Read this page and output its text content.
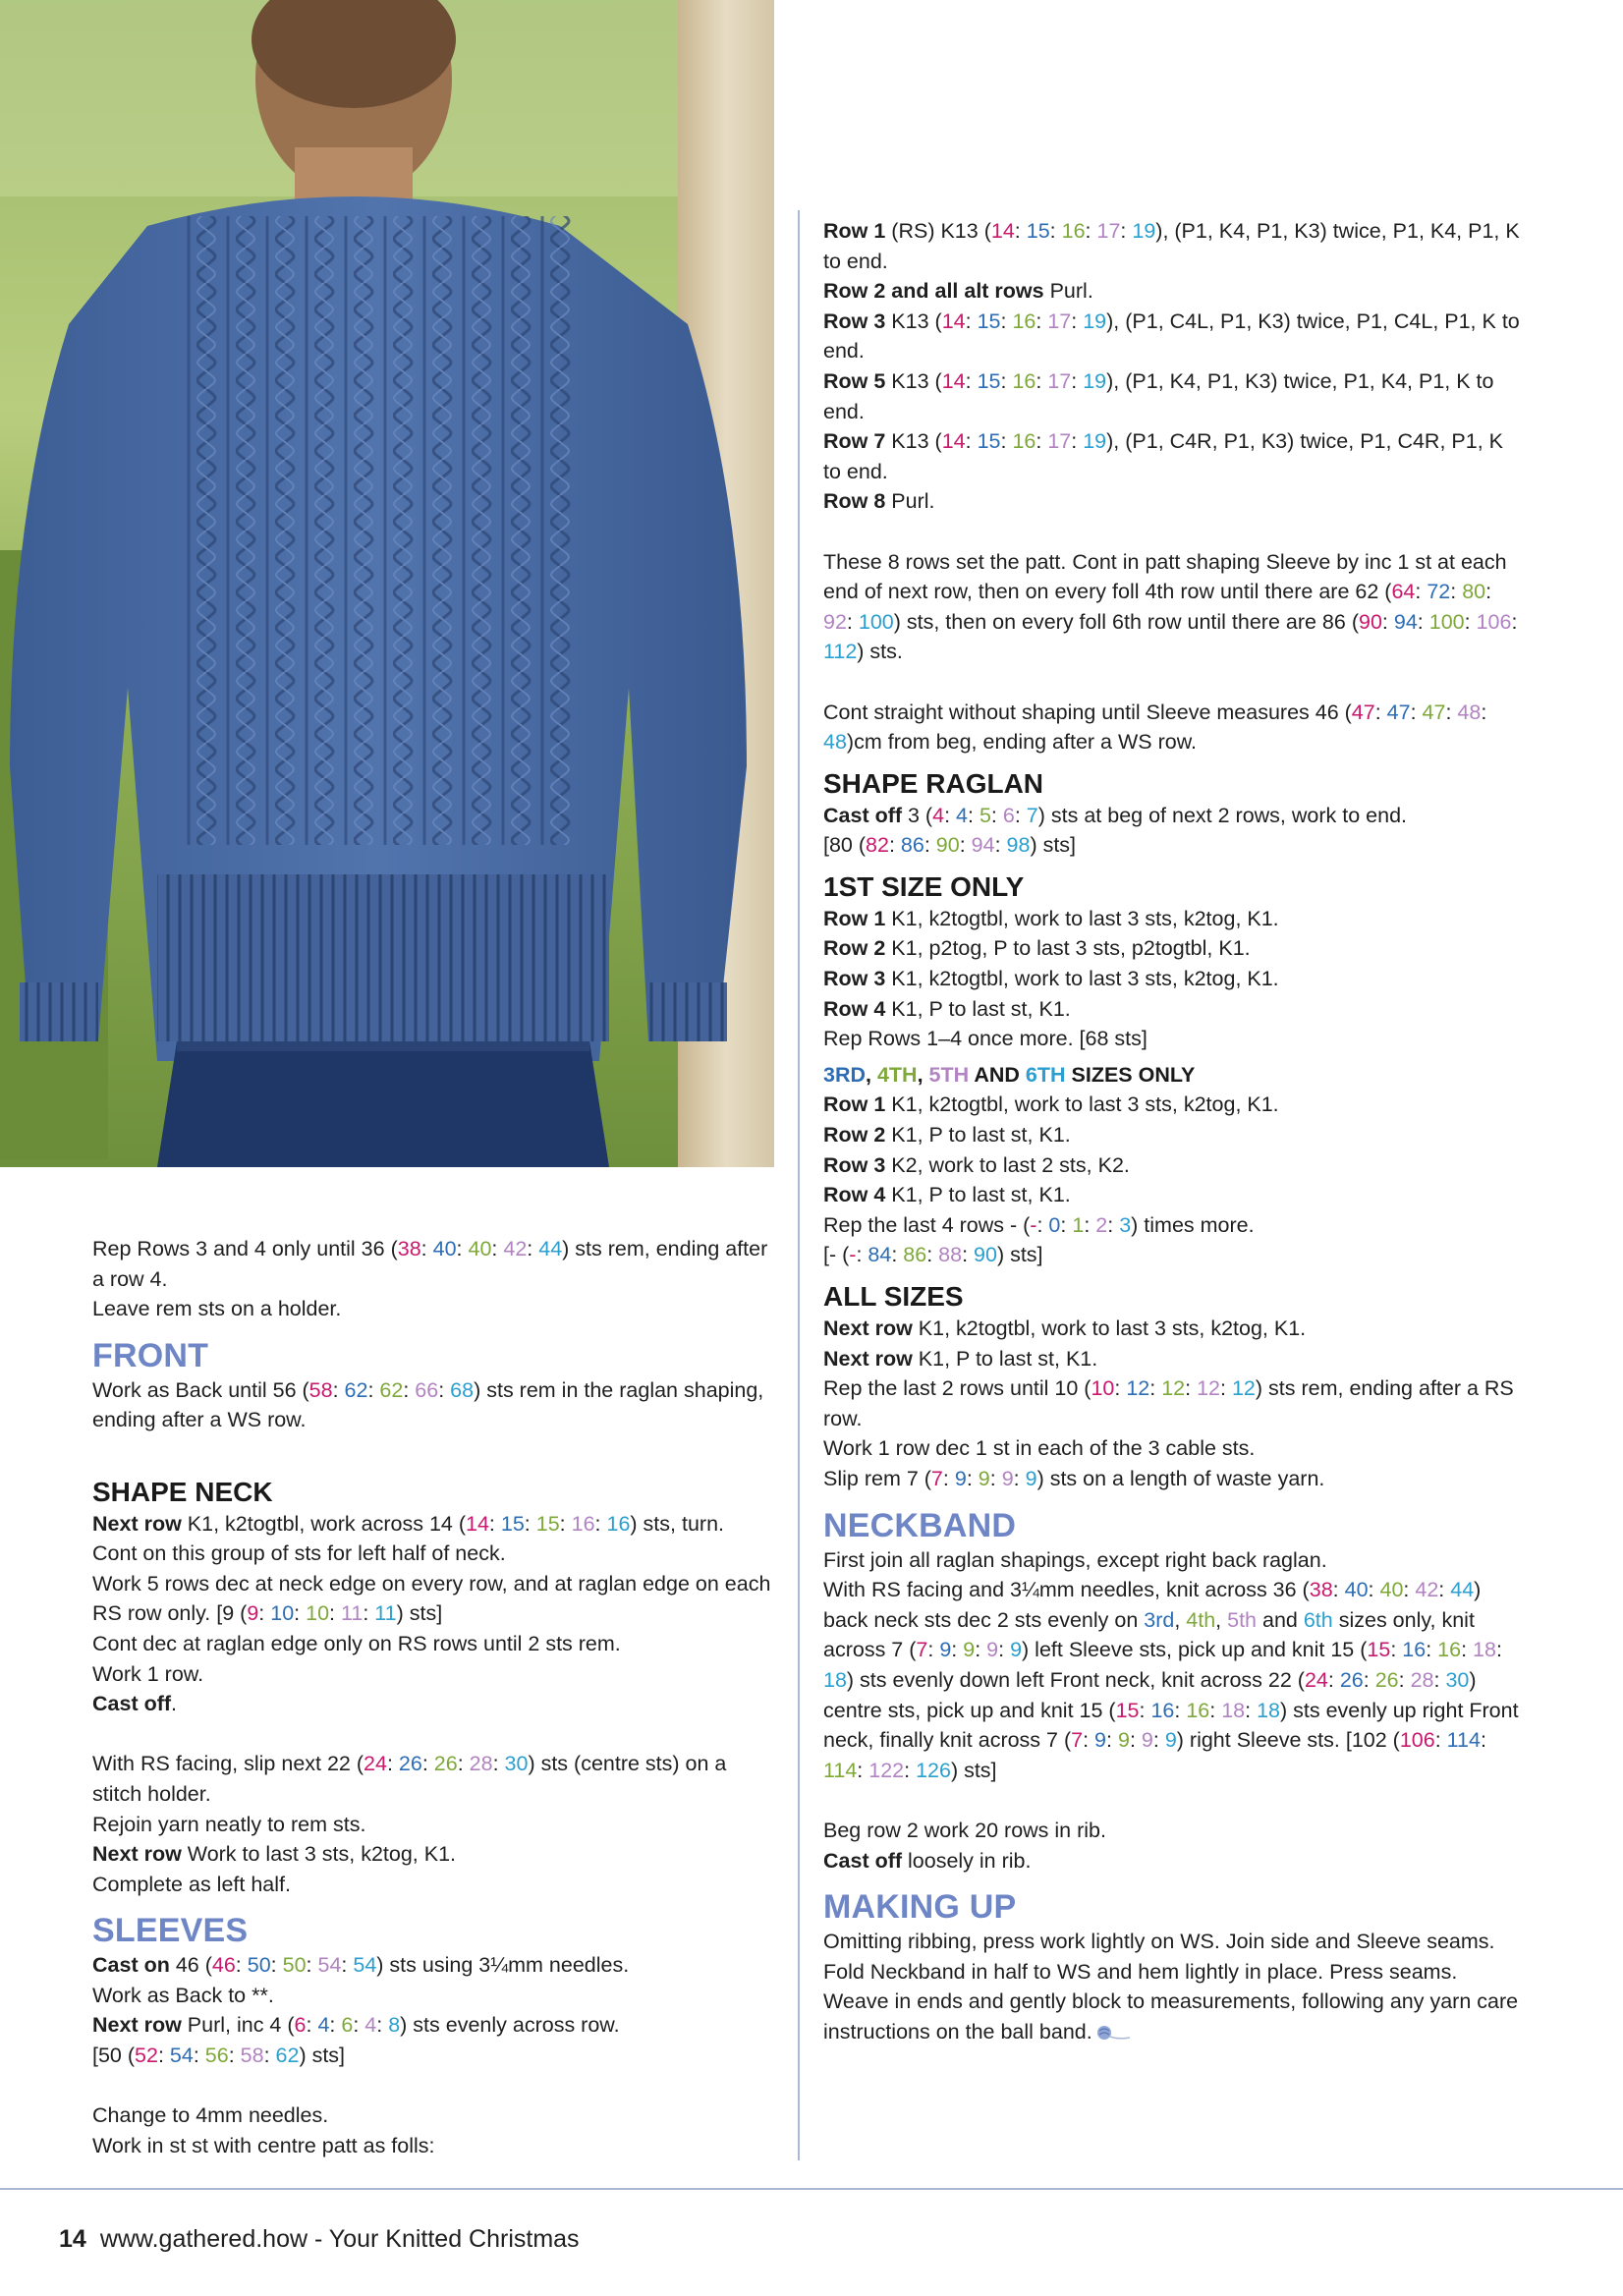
Rep Rows 3 and 4 only until 36 (38: 40: 40: 42: 44) sts rem, ending after a row 4.

Leave rem sts on a holder.

FRONT

Work as Back until 56 (58: 62: 62: 66: 68) sts rem in the raglan shaping, ending after a WS row.

SHAPE NECK

Next row K1, k2togtbl, work across 14 (14: 15: 15: 16: 16) sts, turn.

Cont on this group of sts for left half of neck.

Work 5 rows dec at neck edge on every row, and at raglan edge on each RS row only. [9 (9: 10: 10: 11: 11) sts]

Cont dec at raglan edge only on RS rows until 2 sts rem.

Work 1 row.

Cast off.

With RS facing, slip next 22 (24: 26: 26: 28: 30) sts (centre sts) on a stitch holder.

Rejoin yarn neatly to rem sts.

Next row Work to last 3 sts, k2tog, K1.

Complete as left half.

SLEEVES

Cast on 46 (46: 50: 50: 54: 54) sts using 3¼mm needles.

Work as Back to **.

Next row Purl, inc 4 (6: 4: 6: 4: 8) sts evenly across row.

[50 (52: 54: 56: 58: 62) sts]

Change to 4mm needles.

Work in st st with centre patt as folls:

Row 1 (RS) K13 (14: 15: 16: 17: 19), (P1, K4, P1, K3) twice, P1, K4, P1, K to end.

Row 2 and all alt rows Purl.

Row 3 K13 (14: 15: 16: 17: 19), (P1, C4L, P1, K3) twice, P1, C4L, P1, K to end.

Row 5 K13 (14: 15: 16: 17: 19), (P1, K4, P1, K3) twice, P1, K4, P1, K to end.

Row 7 K13 (14: 15: 16: 17: 19), (P1, C4R, P1, K3) twice, P1, C4R, P1, K to end.

Row 8 Purl.

These 8 rows set the patt. Cont in patt shaping Sleeve by inc 1 st at each end of next row, then on every foll 4th row until there are 62 (64: 72: 80: 92: 100) sts, then on every foll 6th row until there are 86 (90: 94: 100: 106: 112) sts.

Cont straight without shaping until Sleeve measures 46 (47: 47: 47: 48: 48)cm from beg, ending after a WS row.

SHAPE RAGLAN

Cast off 3 (4: 4: 5: 6: 7) sts at beg of next 2 rows, work to end.

[80 (82: 86: 90: 94: 98) sts]

1ST SIZE ONLY

Row 1 K1, k2togtbl, work to last 3 sts, k2tog, K1.

Row 2 K1, p2tog, P to last 3 sts, p2togtbl, K1.

Row 3 K1, k2togtbl, work to last 3 sts, k2tog, K1.

Row 4 K1, P to last st, K1.

Rep Rows 1–4 once more. [68 sts]

3RD, 4TH, 5TH AND 6TH SIZES ONLY

Row 1 K1, k2togtbl, work to last 3 sts, k2tog, K1.

Row 2 K1, P to last st, K1.

Row 3 K2, work to last 2 sts, K2.

Row 4 K1, P to last st, K1.

Rep the last 4 rows - (-: 0: 1: 2: 3) times more.

[- (-: 84: 86: 88: 90) sts]

ALL SIZES

Next row K1, k2togtbl, work to last 3 sts, k2tog, K1.

Next row K1, P to last st, K1.

Rep the last 2 rows until 10 (10: 12: 12: 12: 12) sts rem, ending after a RS row.

Work 1 row dec 1 st in each of the 3 cable sts.

Slip rem 7 (7: 9: 9: 9: 9) sts on a length of waste yarn.

NECKBAND

First join all raglan shapings, except right back raglan.

With RS facing and 3¼mm needles, knit across 36 (38: 40: 40: 42: 44) back neck sts dec 2 sts evenly on 3rd, 4th, 5th and 6th sizes only, knit across 7 (7: 9: 9: 9: 9) left Sleeve sts, pick up and knit 15 (15: 16: 16: 18: 18) sts evenly down left Front neck, knit across 22 (24: 26: 26: 28: 30) centre sts, pick up and knit 15 (15: 16: 16: 18: 18) sts evenly up right Front neck, finally knit across 7 (7: 9: 9: 9: 9) right Sleeve sts. [102 (106: 114: 114: 122: 126) sts]

Beg row 2 work 20 rows in rib.

Cast off loosely in rib.

MAKING UP

Omitting ribbing, press work lightly on WS. Join side and Sleeve seams. Fold Neckband in half to WS and hem lightly in place. Press seams. Weave in ends and gently block to measurements, following any yarn care instructions on the ball band.

14 www.gathered.how - Your Knitted Christmas
